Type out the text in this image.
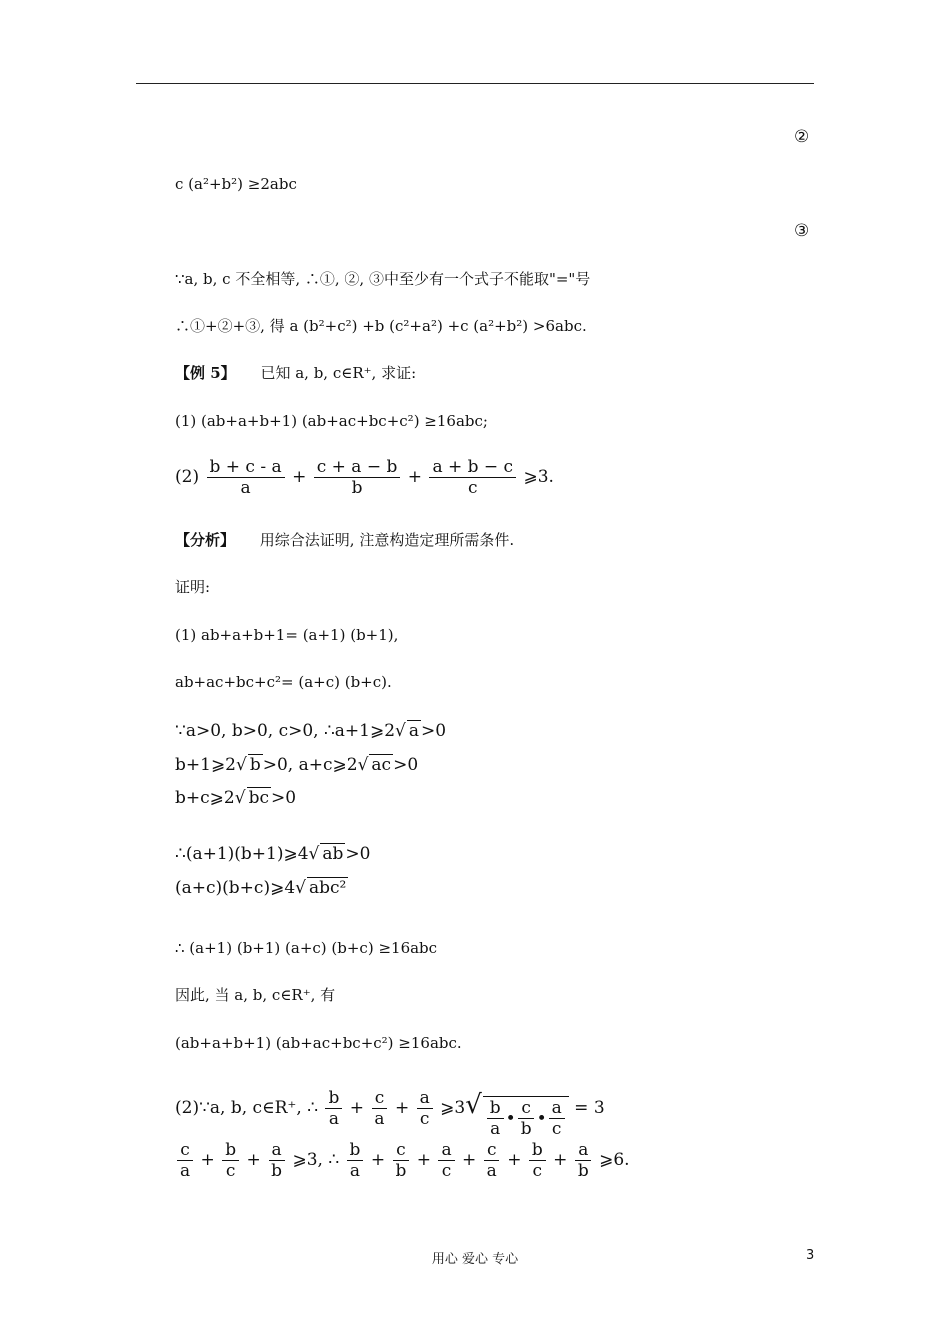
②
c (a²+b²) ≥2abc
③
∵a, b, c 不全相等, ∴①, ②, ③中至少有一个式子不能取"="号
∴①+②+③, 得 a (b²+c²) +b (c²+a²) +c (a²+b²) >6abc.
【例 5】 已知 a, b, c∈R⁺, 求证:
(1) (ab+a+b+1) (ab+ac+bc+c²) ≥16abc;
$(2) \frac{b + c - a}{a} + \frac{c + a - b}{b} + \frac{a + b - c}{c}$ ⩾3.
【分析】 用综合法证明, 注意构造定理所需条件.
证明:
(1) ab+a+b+1= (a+1) (b+1),
ab+ac+bc+c²= (a+c) (b+c).
∵a>0, b>0, c>0, ∴a+1⩾2√ a >0
b+1⩾2√ b >0, a+c⩾2√ ac >0
b+c⩾2√ bc >0
∴(a+1)(b+1)⩾4√ ab >0
(a+c)(b+c)⩾4√ abc²
∴ (a+1) (b+1) (a+c) (b+c) ≥16abc
因此, 当 a, b, c∈R⁺, 有
(ab+a+b+1) (ab+ac+bc+c²) ≥16abc.
(2)∵a, b, c∈R⁺, ∴ $\frac{b}{a} + \frac{c}{a} + \frac{a}{c}$ ⩾3√ $\frac{b}{a}$ • $\frac{c}{b}$ • $\frac{a}{c} = 3$
$\frac{c}{a} + \frac{b}{c} + \frac{a}{b}$ ⩾3, ∴ $\frac{b}{a} + \frac{c}{b} + \frac{a}{c} + \frac{c}{a} + \frac{b}{c} + \frac{a}{b}$ ⩾6.
用心 爱心 专心	3
